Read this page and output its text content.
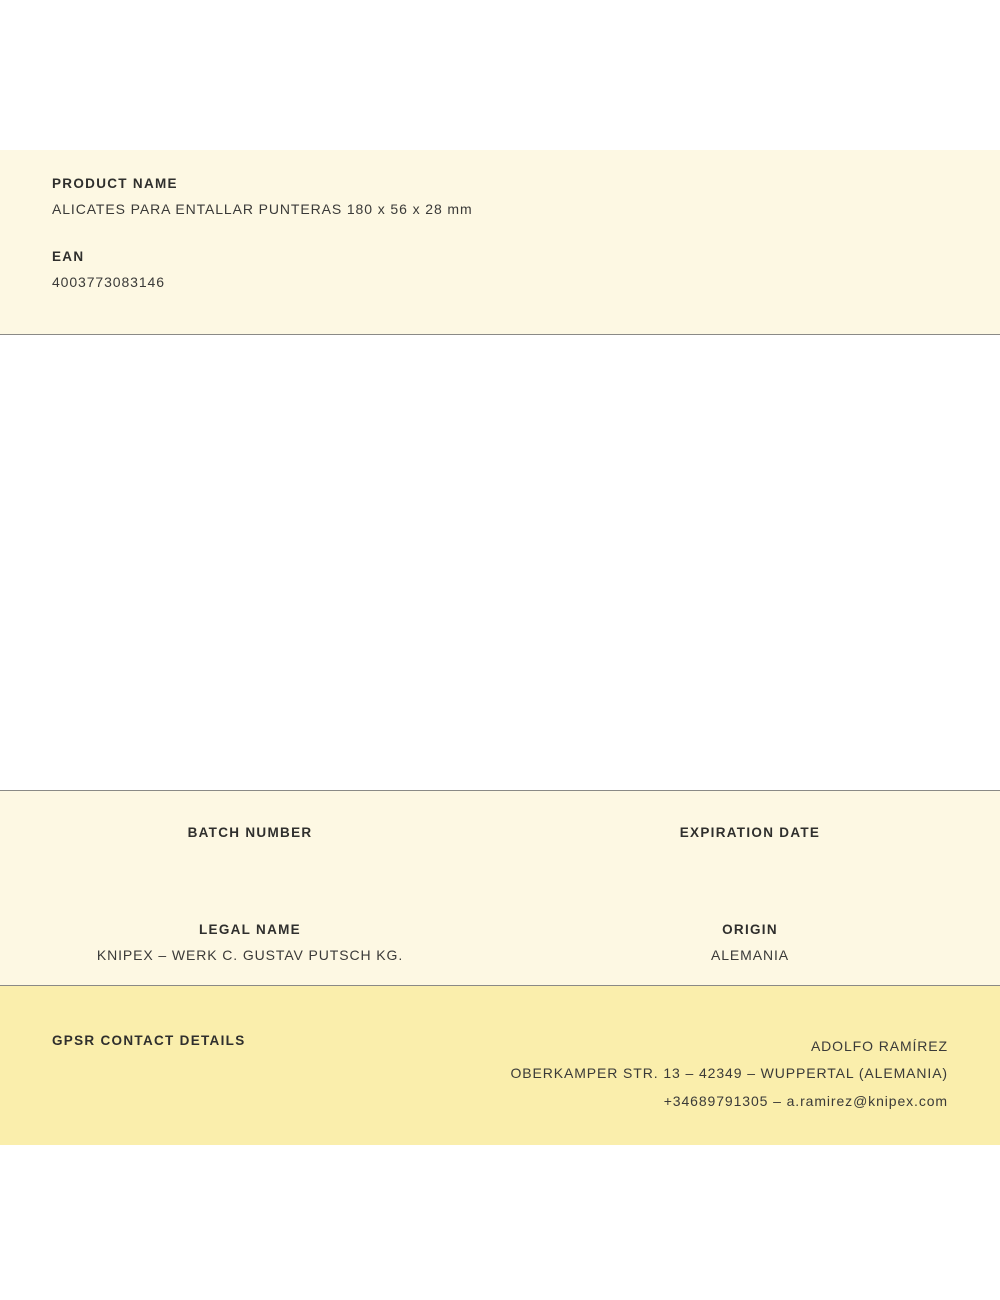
PRODUCT NAME

ALICATES PARA ENTALLAR PUNTERAS 180 x 56 x 28 mm

EAN

4003773083146

BATCH NUMBER	EXPIRATION DATE

LEGAL NAME

KNIPEX – WERK C. GUSTAV PUTSCH KG.

ORIGIN

ALEMANIA

GPSR CONTACT DETAILS	ADOLFO RAMÍREZ
OBERKAMPER STR. 13 – 42349 – WUPPERTAL (ALEMANIA)
+34689791305 – a.ramirez@knipex.com
